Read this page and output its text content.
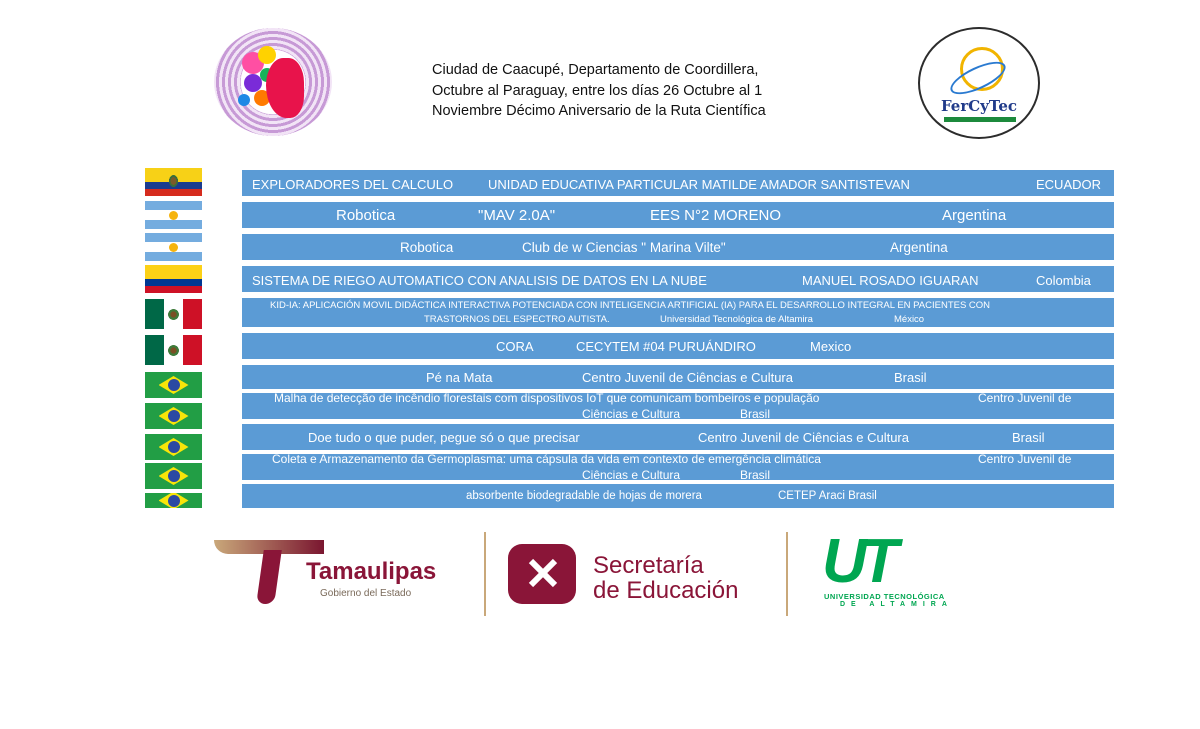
Ciudad de Caacupé, Departamento de Coordillera,
Octubre al Paraguay, entre los días 26 Octubre al 1
Noviembre Décimo Aniversario de la Ruta Científica	FerCyTec
EXPLORADORES DEL CALCULO	UNIDAD EDUCATIVA PARTICULAR MATILDE AMADOR SANTISTEVAN	ECUADOR
Robotica	"MAV 2.0A"	EES N°2 MORENO	Argentina
Robotica	Club de w Ciencias " Marina Vilte"	Argentina
SISTEMA DE RIEGO AUTOMATICO CON ANALISIS DE DATOS EN LA NUBE	MANUEL ROSADO IGUARAN	Colombia
KID-IA: APLICACIÓN MOVIL DIDÁCTICA INTERACTIVA POTENCIADA CON INTELIGENCIA ARTIFICIAL (IA) PARA EL DESARROLLO INTEGRAL EN PACIENTES CON
TRASTORNOS DEL ESPECTRO AUTISTA.	Universidad Tecnológica de Altamira	México
CORA	CECYTEM #04 PURUÁNDIRO	Mexico
Pé na Mata	Centro Juvenil de Ciências e Cultura	Brasil
Malha de detecção de incêndio florestais com dispositivos IoT que comunicam bombeiros e população	Centro Juvenil de
Ciências e Cultura	Brasil
Doe tudo o que puder, pegue só o que precisar	Centro Juvenil de Ciências e Cultura	Brasil
Coleta e Armazenamento da Germoplasma: uma cápsula da vida em contexto de emergência climática	Centro Juvenil de
Ciências e Cultura	Brasil
absorbente biodegradable de hojas de morera	CETEP Araci Brasil
Tamaulipas
Gobierno del Estado
Secretaría
de Educación UT
UNIVERSIDAD TECNOLÓGICA
DE ALTAMIRA
